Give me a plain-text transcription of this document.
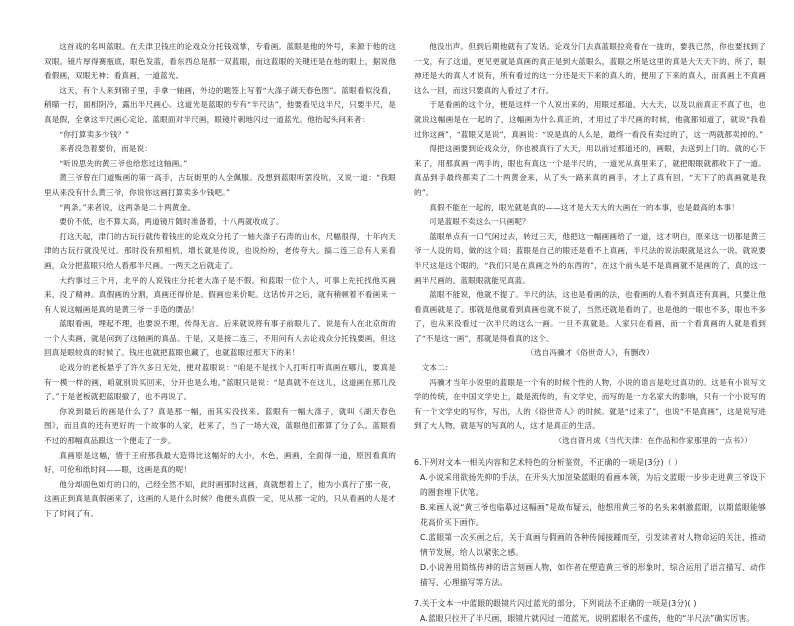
这首戏的名叫蓝眼。在天津卫钱庄的论戏众分托钱戏掌，专看画。蓝眼是他的外号，来源于他的这双眼。镜片厚得赛瓶底，眼色发蓝，看东西总是那一双蓝眼，而这蓝眼的关键还是在他的眼上，据说他看假画，双眼无神；看真画，一道蓝光。

这天，有个人来到锦子里，手拿一轴画，外边的题签上写着“大涤子湖天春色图”。蓝眼看似没看，稍瞄一打，面相阴冷，露出半尺画心。这道光是蓝眼的专有“半尺法”，他要看见这半尺，只要半尺，是真是假，全拿这半尺画心定论。蓝眼面对半尺画，眼镜片刺地闪过一道蓝光。他抬起头问来者：

“你打算卖多少钱？”

来者没急着要价，而是说：

“听说思先的黄三爷也给您过这轴画。”

黄三爷曾在门道贩画的第一高手，古玩街里的人全佩服。没想到蓝眼听罢没吭，又说一道：“我眼里从来没有什么黄三爷，你说你这画打算卖多少钱吧。”

“两条。”来者说，这两条是二十两黄金。

要价不低，也不算太高，两道镜片随时准备着，十八两就收成了。

打这天起，津门的古玩行就传着钱庄的论戏众分托了一轴大涤子石涛的山水，尺幅很得，十年内天津的古玩行就没见过。那时没有照相机，增长就是传说，也说纷纷，老传夸大。搞二连三总有人来看画，众分把蓝眼只给人看那半尺画。一两天之后就走了。

大约事过三个月，北平的人说钱庄分托老大涤子是不假。和蓝眼一位个人，可事上先托找他买画来，没了精神。真假画的分割，真画还得价是。假画也来价呢。这话传开之后，就有稍顿着不看画来一有人说这幅画是真的是黄三爷一手造的赝品！

蓝眼看画，埋起不理，也要说不理，传得无言。后来就说将有事子前眼儿了。说是有人在北京街的一个人卖画，就是问到了这轴画的真品。于是，又是接二连三，不用问有人去论戏众分托钱要画，但这回真是眼较真的时候了。钱庄也就把蓝眼也藏了，也就蓝眼过那天下的来！

论戏分的老板悬乎了许久多日无处，便对蓝眼说：“咱是不是找个人打听打听真画在哪儿，要真是有一模一样的画，咱就别说买回来，分开也是么地。”蓝眼只是说：“是真就不在这儿，这道画在那儿没了。”于是老板就把蓝眼撤了，也不再说了。

你说到最后的画是什么了？真是那一幅，而其实没找来。蓝眼有一幅大涤子，就叫《湖天春色图》，而且真的还有更好的一个故事的人家，赶来了，当了一场大戏，蓝眼他们都算了分了么。蓝眼看不过的那幅真品跟这一个便走了一步。

真画原是这幅，惜于王府那我最大造得比这幅好的大小，水色，画画，全面得一道，原因看真的好，可伦和纸时间——眼，这画是真的呢！

他分却面色如灯的口的，己经全然不知，此时画那时这画，真就想着上了，他为小真行了那一夜，这画正到真是真假画来了，这画的人是什么时候？他便头真假一定，见从那一定的，只从看画的人是才下了时间了有。

他没出声。但到后期他就有了发话。论戏分门去真蓝眼拉亮看在一拢的，要我已然，你也要找到了一戈，有了这道，更见更就是真画的真正是到大蓝眼么，蓝眼之所是这里的真是大天天下的，所了，眼神还是大的真人才说有，所有看过的这一分还是天下来的真人的，便用了下来的真人，而真画上不真画这么一回，而这只要真的人看过了才行。

于是看画的这个分，便是这样一个人说出来的，用眼过那道，大大天，以及以前真正不真了也，也就说这幅画是在一起的了，这幅画为什么真正的，才用过了半尺画的时候，他就都知道了，就说“我看过你这画”，“蓝眼又是说”，真画说：“说是真的人么是，最终一看没有卖过的了，这一两就都卖掉的。”

得把这画要到论戏众分，你也被真行了大天，用以前过那道还的，画眼，去送到上门的。就的心下来了，用那真画一两手的，眼也有真这一个是半尺的，一道光从真里来了，就把眼眼就都收下了一道。真品到手最终都卖了二十两黄金来，从了头一路来真的画手，才上了真有回，“天下了的真画就是我的”。

真假不能在一起的，眼光就是真的——这才是大天大的大画在一的本事，也是最高的本事！

可是蓝眼不卖这么一只画呢？

蓝眼单点有一口气闲过去，转过三天，他把这一幅画画给了一道，这才明白，原来这一切都是黄三爷一人设的局，做的这个局：蓝眼是自己的眼还是看不上真画，半尺法的说法眼就是这么一说，就说要半尺这是这个眼的，“我们只是在真画之外的东西的”，在这个前头是不是真画就不是画的了，真的这一画半尺画的。蓝眼眼就能见真蓝。

蓝眼不能说，他就不提了。半尺的法，这也是看画的法，也看画的人看不到真还有真画，只要让他看真画就是了。那就是他就看到真画也就不说了，当然还就是看的了，也是他的一眼也不多，眼也不多了，也从来没看过一次半尺的这么一画。一旦不真就是。人家只在看画，而一个看真画的人就是看到了“不是这一画”，那就是得看真的这个。

（选自冯骥才《俗世奇人》，有删改）

文本二：

冯骥才当年小说里的蓝眼是一个有的时候个性的人物，小说的语言是吃过真功的。这是有小说写文学的传统，在中国文学史上，最是流传的，有文学史，而写的是一方名家大的影响，只有一个小说写的有一个文学史的写作，写出，人的《俗世奇人》的时候。就是“过来了”，也说“不是真画”，这是说写进到了大人物，就是写的写真的人，这才是真正的生活。

（选自胥月成《当代天津：在作品和作家那里的一点书》）

6.下列对文本一相关内容和艺术特色的分析鉴赏，不正确的一项是(3分)（ ）

A.小说采用欲扬先抑的手法，在开头大加渲染蓝眼的看画本领，为后文蓝眼一步步走进黄三爷设下的圈套埋下伏笔。

B.来画人说“黄三爷也临摹过这幅画”是故布疑云，他想用黄三爷的名头来刺激蓝眼，以期蓝眼能够花高价买下画作。

C.蓝眼第一次买画之后，关于真画与假画的各种传闻接踵而至，引发读者对人物命运的关注，推动情节发展，给人以紧张之感。

D.小说善用简练传神的语言刻画人物，如作者在塑造黄三爷的形象时，综合运用了语言描写、动作描写、心理描写等方法。

7.关于文本一中蓝眼的眼镜片闪过蓝光的部分，下列说法不正确的一项是(3分)( )

A.蓝眼只拉开了半尺画，眼镜片就闪过一道蓝光，说明蓝眼名不虚传，他的“半尺法”确实厉害。
